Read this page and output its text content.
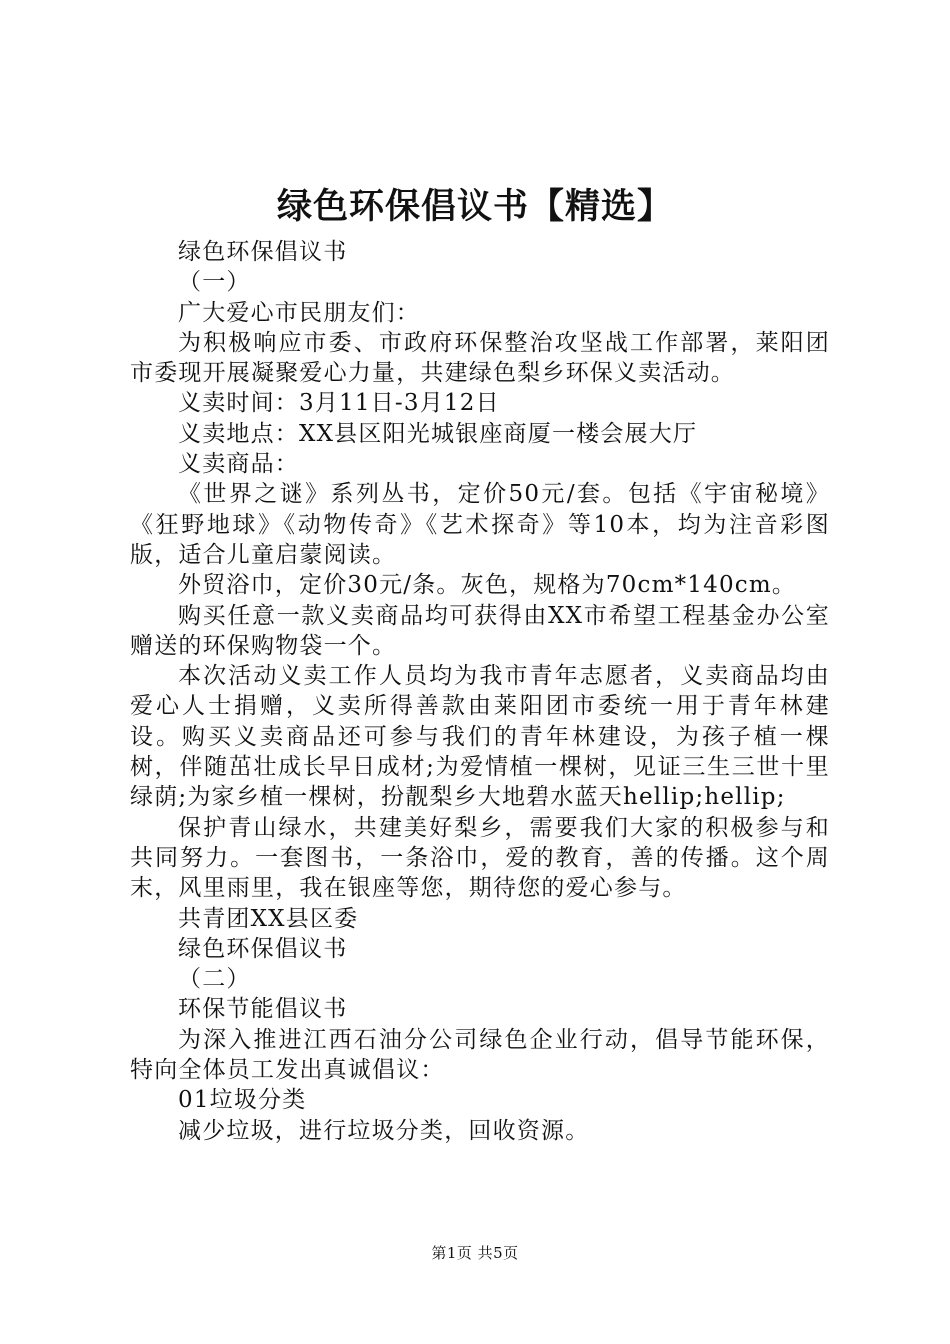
绿色环保倡议书【精选】

绿色环保倡议书

（一）

广大爱心市民朋友们：

为积极响应市委、市政府环保整治攻坚战工作部署，莱阳团市委现开展凝聚爱心力量，共建绿色梨乡环保义卖活动。

义卖时间：3月11日-3月12日

义卖地点：XX县区阳光城银座商厦一楼会展大厅

义卖商品：

《世界之谜》系列丛书，定价50元/套。包括《宇宙秘境》《狂野地球》《动物传奇》《艺术探奇》等10本，均为注音彩图版，适合儿童启蒙阅读。

外贸浴巾，定价30元/条。灰色，规格为70cm*140cm。

购买任意一款义卖商品均可获得由XX市希望工程基金办公室赠送的环保购物袋一个。

本次活动义卖工作人员均为我市青年志愿者，义卖商品均由爱心人士捐赠，义卖所得善款由莱阳团市委统一用于青年林建设。购买义卖商品还可参与我们的青年林建设，为孩子植一棵树，伴随茁壮成长早日成材;为爱情植一棵树，见证三生三世十里绿荫;为家乡植一棵树，扮靓梨乡大地碧水蓝天hellip;hellip;

保护青山绿水，共建美好梨乡，需要我们大家的积极参与和共同努力。一套图书，一条浴巾，爱的教育，善的传播。这个周末，风里雨里，我在银座等您，期待您的爱心参与。

共青团XX县区委

绿色环保倡议书

（二）

环保节能倡议书

为深入推进江西石油分公司绿色企业行动，倡导节能环保，特向全体员工发出真诚倡议：

01垃圾分类

减少垃圾，进行垃圾分类，回收资源。

第1页 共5页
